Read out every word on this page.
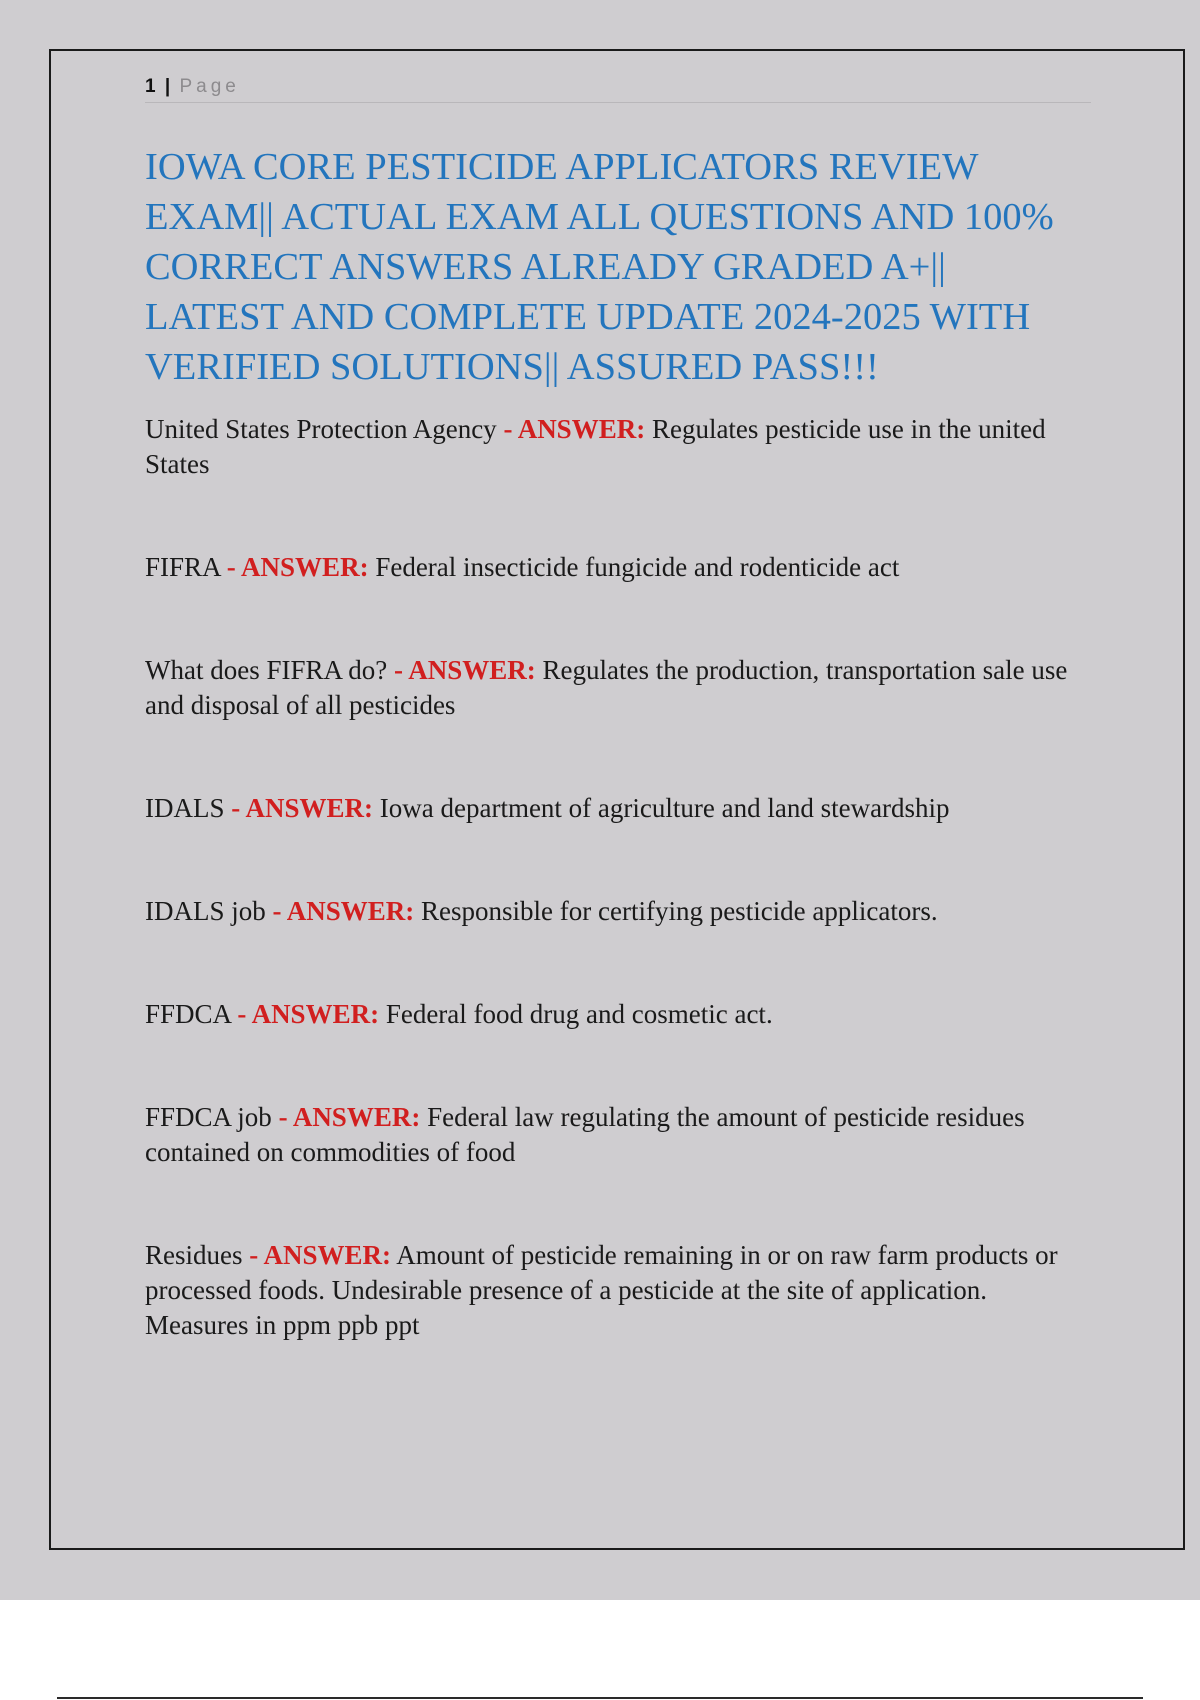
1 | Page
IOWA CORE PESTICIDE APPLICATORS REVIEW EXAM|| ACTUAL EXAM ALL QUESTIONS AND 100% CORRECT ANSWERS ALREADY GRADED A+|| LATEST AND COMPLETE UPDATE 2024-2025 WITH VERIFIED SOLUTIONS|| ASSURED PASS!!!

United States Protection Agency - ANSWER: Regulates pesticide use in the united States

FIFRA - ANSWER: Federal insecticide fungicide and rodenticide act

What does FIFRA do? - ANSWER: Regulates the production, transportation sale use and disposal of all pesticides

IDALS - ANSWER: Iowa department of agriculture and land stewardship

IDALS job - ANSWER: Responsible for certifying pesticide applicators.

FFDCA - ANSWER: Federal food drug and cosmetic act.

FFDCA job - ANSWER: Federal law regulating the amount of pesticide residues contained on commodities of food

Residues - ANSWER: Amount of pesticide remaining in or on raw farm products or processed foods. Undesirable presence of a pesticide at the site of application. Measures in ppm ppb ppt
